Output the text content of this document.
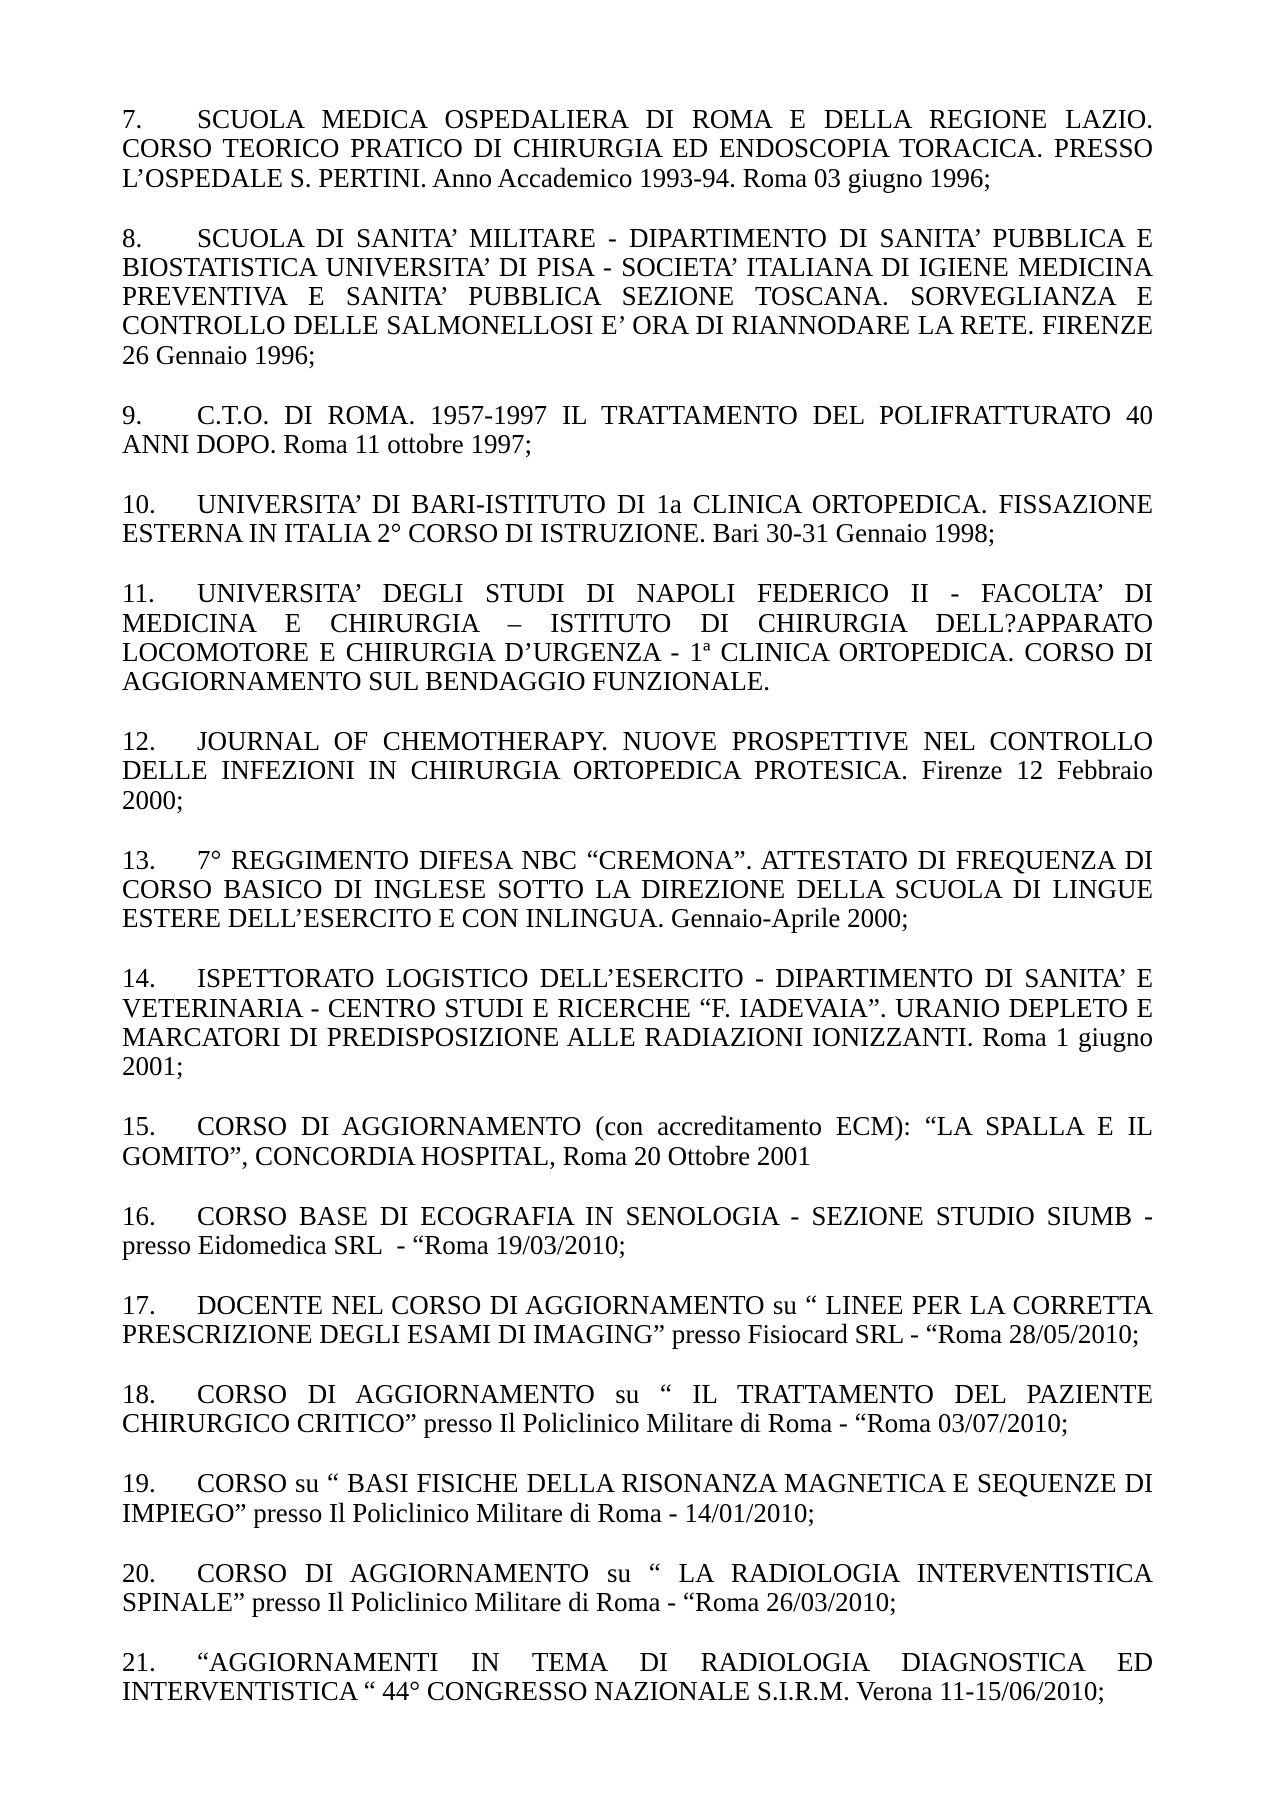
7. SCUOLA MEDICA OSPEDALIERA DI ROMA E DELLA REGIONE LAZIO. CORSO TEORICO PRATICO DI CHIRURGIA ED ENDOSCOPIA TORACICA. PRESSO L’OSPEDALE S. PERTINI. Anno Accademico 1993-94. Roma 03 giugno 1996;

8. SCUOLA DI SANITA’ MILITARE - DIPARTIMENTO DI SANITA’ PUBBLICA E BIOSTATISTICA UNIVERSITA’ DI PISA - SOCIETA’ ITALIANA DI IGIENE MEDICINA PREVENTIVA E SANITA’ PUBBLICA SEZIONE TOSCANA. SORVEGLIANZA E CONTROLLO DELLE SALMONELLOSI E’ ORA DI RIANNODARE LA RETE. FIRENZE 26 Gennaio 1996;

9. C.T.O. DI ROMA. 1957-1997 IL TRATTAMENTO DEL POLIFRATTURATO 40 ANNI DOPO. Roma 11 ottobre 1997;

10. UNIVERSITA’ DI BARI-ISTITUTO DI 1a CLINICA ORTOPEDICA. FISSAZIONE ESTERNA IN ITALIA 2° CORSO DI ISTRUZIONE. Bari 30-31 Gennaio 1998;

11. UNIVERSITA’ DEGLI STUDI DI NAPOLI FEDERICO II - FACOLTA’ DI MEDICINA E CHIRURGIA – ISTITUTO DI CHIRURGIA DELL?APPARATO LOCOMOTORE E CHIRURGIA D’URGENZA - 1ª CLINICA ORTOPEDICA. CORSO DI AGGIORNAMENTO SUL BENDAGGIO FUNZIONALE.

12. JOURNAL OF CHEMOTHERAPY. NUOVE PROSPETTIVE NEL CONTROLLO DELLE INFEZIONI IN CHIRURGIA ORTOPEDICA PROTESICA. Firenze 12 Febbraio 2000;

13. 7° REGGIMENTO DIFESA NBC “CREMONA”. ATTESTATO DI FREQUENZA DI CORSO BASICO DI INGLESE SOTTO LA DIREZIONE DELLA SCUOLA DI LINGUE ESTERE DELL’ESERCITO E CON INLINGUA. Gennaio-Aprile 2000;

14. ISPETTORATO LOGISTICO DELL’ESERCITO - DIPARTIMENTO DI SANITA’ E VETERINARIA - CENTRO STUDI E RICERCHE “F. IADEVAIA”. URANIO DEPLETO E MARCATORI DI PREDISPOSIZIONE ALLE RADIAZIONI IONIZZANTI. Roma 1 giugno 2001;

15. CORSO DI AGGIORNAMENTO (con accreditamento ECM): “LA SPALLA E IL GOMITO”, CONCORDIA HOSPITAL, Roma 20 Ottobre 2001

16. CORSO BASE DI ECOGRAFIA IN SENOLOGIA - SEZIONE STUDIO SIUMB - presso Eidomedica SRL  - “Roma 19/03/2010;

17. DOCENTE NEL CORSO DI AGGIORNAMENTO su “ LINEE PER LA CORRETTA PRESCRIZIONE DEGLI ESAMI DI IMAGING” presso Fisiocard SRL - “Roma 28/05/2010;

18. CORSO DI AGGIORNAMENTO su “ IL TRATTAMENTO DEL PAZIENTE CHIRURGICO CRITICO” presso Il Policlinico Militare di Roma - “Roma 03/07/2010;

19. CORSO su “ BASI FISICHE DELLA RISONANZA MAGNETICA E SEQUENZE DI IMPIEGO” presso Il Policlinico Militare di Roma - 14/01/2010;

20. CORSO DI AGGIORNAMENTO su “ LA RADIOLOGIA INTERVENTISTICA SPINALE” presso Il Policlinico Militare di Roma - “Roma 26/03/2010;

21. “AGGIORNAMENTI IN TEMA DI RADIOLOGIA DIAGNOSTICA ED INTERVENTISTICA “ 44° CONGRESSO NAZIONALE S.I.R.M. Verona 11-15/06/2010;
